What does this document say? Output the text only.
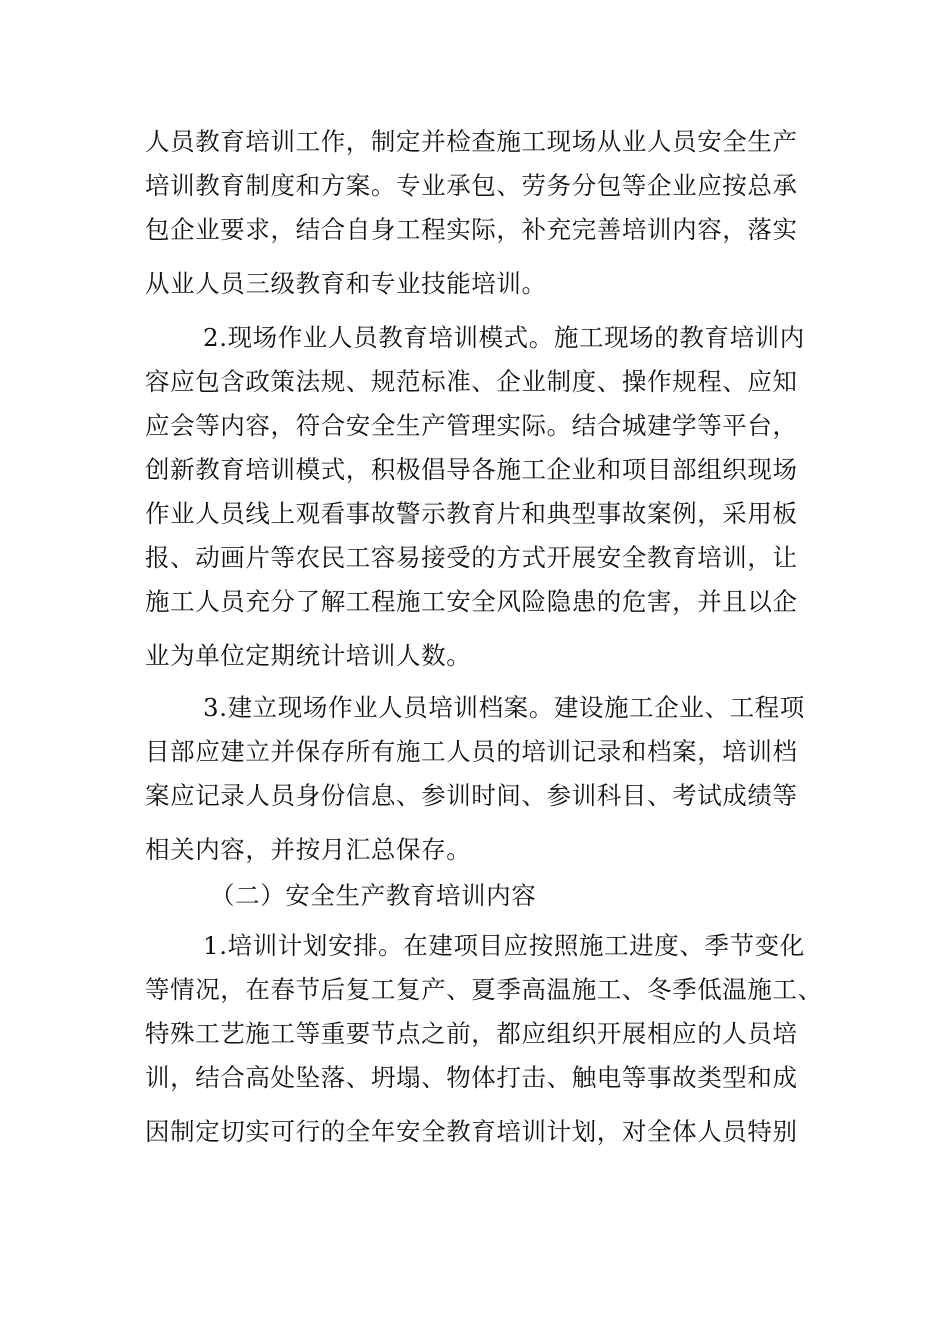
人员教育培训工作，制定并检查施工现场从业人员安全生产
培训教育制度和方案。专业承包、劳务分包等企业应按总承
包企业要求，结合自身工程实际，补充完善培训内容，落实
从业人员三级教育和专业技能培训。
2.现场作业人员教育培训模式。施工现场的教育培训内
容应包含政策法规、规范标准、企业制度、操作规程、应知
应会等内容，符合安全生产管理实际。结合城建学等平台，
创新教育培训模式，积极倡导各施工企业和项目部组织现场
作业人员线上观看事故警示教育片和典型事故案例，采用板
报、动画片等农民工容易接受的方式开展安全教育培训，让
施工人员充分了解工程施工安全风险隐患的危害，并且以企
业为单位定期统计培训人数。
3.建立现场作业人员培训档案。建设施工企业、工程项
目部应建立并保存所有施工人员的培训记录和档案，培训档
案应记录人员身份信息、参训时间、参训科目、考试成绩等
相关内容，并按月汇总保存。
（二）安全生产教育培训内容
1.培训计划安排。在建项目应按照施工进度、季节变化
等情况，在春节后复工复产、夏季高温施工、冬季低温施工、
特殊工艺施工等重要节点之前，都应组织开展相应的人员培
训，结合高处坠落、坍塌、物体打击、触电等事故类型和成
因制定切实可行的全年安全教育培训计划，对全体人员特别
